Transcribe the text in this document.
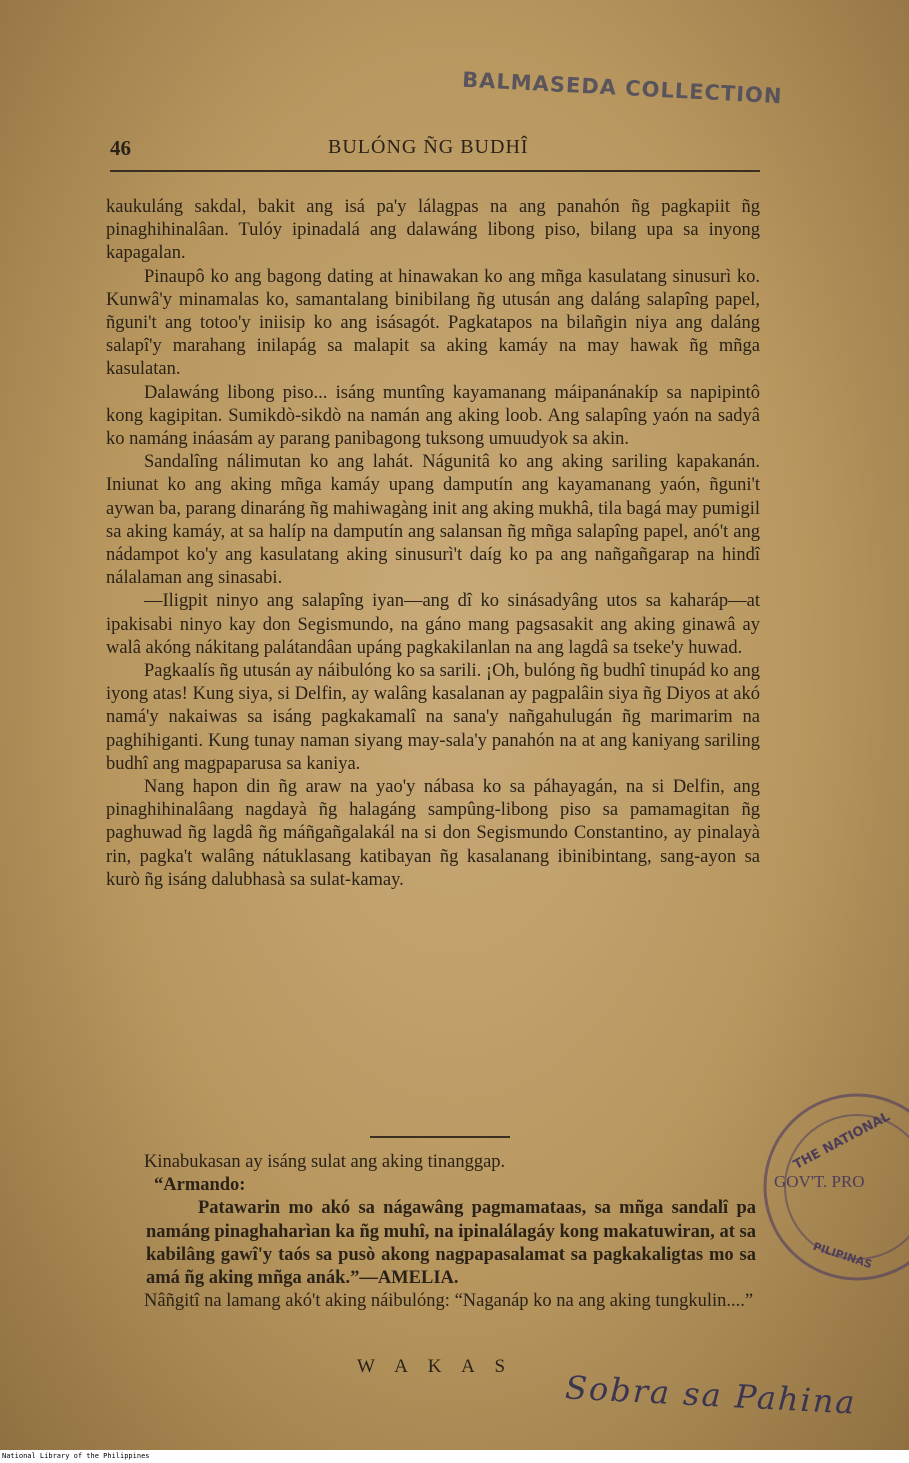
BALMASEDA COLLECTION
46	BULÓNG ÑG BUDHÎ

kaukuláng sakdal, bakit ang isá pa'y lálagpas na ang panahón ñg pagkapiit ñg pinaghihinalâan. Tulóy ipinadalá ang dalawáng libong piso, bilang upa sa inyong kapagalan.

Pinaupô ko ang bagong dating at hinawakan ko ang mñga kasulatang sinusurì ko. Kunwâ'y minamalas ko, samantalang binibilang ñg utusán ang daláng salapîng papel, ñguni't ang totoo'y iniisip ko ang isásagót. Pagkatapos na bilañgin niya ang daláng salapî'y marahang inilapág sa malapit sa aking kamáy na may hawak ñg mñga kasulatan.

Dalawáng libong piso... isáng muntîng kayamanang máipanánakíp sa napipintô kong kagipitan. Sumikdò-sikdò na namán ang aking loob. Ang salapîng yaón na sadyâ ko namáng ináasám ay parang panibagong tuksong umuudyok sa akin.

Sandalîng nálimutan ko ang lahát. Nágunitâ ko ang aking sariling kapakanán. Iniunat ko ang aking mñga kamáy upang damputín ang kayamanang yaón, ñguni't aywan ba, parang dinaráng ñg mahiwagàng init ang aking mukhâ, tila bagá may pumigil sa aking kamáy, at sa halíp na damputín ang salansan ñg mñga salapîng papel, anó't ang nádampot ko'y ang kasulatang aking sinusurì't daíg ko pa ang nañgañgarap na hindî nálalaman ang sinasabi.

—Iligpit ninyo ang salapîng iyan—ang dî ko sinásadyâng utos sa kaharáp—at ipakisabi ninyo kay don Segismundo, na gáno mang pagsasakit ang aking ginawâ ay walâ akóng nákitang palátandâan upáng pagkakilanlan na ang lagdâ sa tseke'y huwad.

Pagkaalís ñg utusán ay náibulóng ko sa sarili. ¡Oh, bulóng ñg budhî tinupád ko ang iyong atas! Kung siya, si Delfin, ay walâng kasalanan ay pagpalâin siya ñg Diyos at akó namá'y nakaiwas sa isáng pagkakamalî na sana'y nañgahulugán ñg marimarim na paghihiganti. Kung tunay naman siyang may-sala'y panahón na at ang kaniyang sariling budhî ang magpaparusa sa kaniya.

Nang hapon din ñg araw na yao'y nábasa ko sa páhayagán, na si Delfin, ang pinaghihinalâang nagdayà ñg halagáng sampûng-libong piso sa pamamagitan ñg paghuwad ñg lagdâ ñg máñgañgalakál na si don Segismundo Constantino, ay pinalayà rin, pagka't walâng nátuklasang katibayan ñg kasalanang ibinibintang, sang-ayon sa kurò ñg isáng dalubhasà sa sulat-kamay.

Kinabukasan ay isáng sulat ang aking tinanggap.

“Armando:

Patawarin mo akó sa nágawâng pagmamataas, sa mñga sandalî pa namáng pinaghaharìan ka ñg muhî, na ipinalálagáy kong makatuwiran, at sa kabilâng gawî'y taós sa pusò akong nagpapasalamat sa pagkakaligtas mo sa amá ñg aking mñga anák.”—AMELIA.

Nâñgitî na lamang akó't aking náibulóng: “Naganáp ko na ang aking tungkulin....”

W A K A S
THE NATIONAL
GOV'T. PRO
PILIPINAS
Sobra sa Pahina
National Library of the Philippines
